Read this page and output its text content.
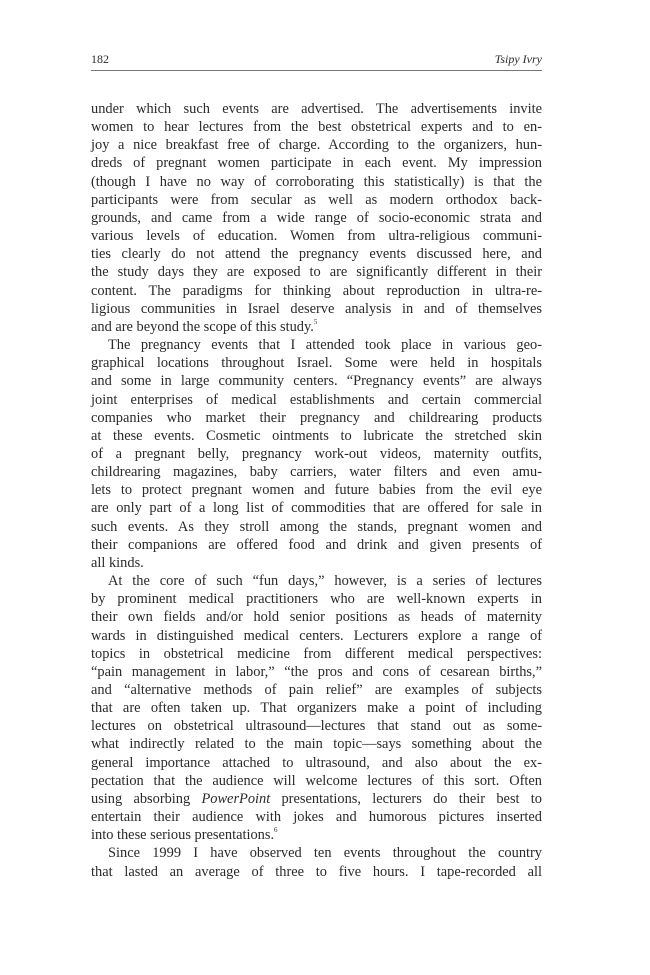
182	Tsipy Ivry

under which such events are advertised. The advertisements invite
women to hear lectures from the best obstetrical experts and to en-
joy a nice breakfast free of charge. According to the organizers, hun-
dreds of pregnant women participate in each event. My impression
(though I have no way of corroborating this statistically) is that the
participants were from secular as well as modern orthodox back-
grounds, and came from a wide range of socio-economic strata and
various levels of education. Women from ultra-religious communi-
ties clearly do not attend the pregnancy events discussed here, and
the study days they are exposed to are significantly different in their
content. The paradigms for thinking about reproduction in ultra-re-
ligious communities in Israel deserve analysis in and of themselves
and are beyond the scope of this study.$^5$

The pregnancy events that I attended took place in various geo-
graphical locations throughout Israel. Some were held in hospitals
and some in large community centers. “Pregnancy events” are always
joint enterprises of medical establishments and certain commercial
companies who market their pregnancy and childrearing products
at these events. Cosmetic ointments to lubricate the stretched skin
of a pregnant belly, pregnancy work-out videos, maternity outfits,
childrearing magazines, baby carriers, water filters and even amu-
lets to protect pregnant women and future babies from the evil eye
are only part of a long list of commodities that are offered for sale in
such events. As they stroll among the stands, pregnant women and
their companions are offered food and drink and given presents of
all kinds.

At the core of such “fun days,” however, is a series of lectures
by prominent medical practitioners who are well-known experts in
their own fields and/or hold senior positions as heads of maternity
wards in distinguished medical centers. Lecturers explore a range of
topics in obstetrical medicine from different medical perspectives:
“pain management in labor,” “the pros and cons of cesarean births,”
and “alternative methods of pain relief” are examples of subjects
that are often taken up. That organizers make a point of including
lectures on obstetrical ultrasound—lectures that stand out as some-
what indirectly related to the main topic—says something about the
general importance attached to ultrasound, and also about the ex-
pectation that the audience will welcome lectures of this sort. Often
using absorbing PowerPoint presentations, lecturers do their best to
entertain their audience with jokes and humorous pictures inserted
into these serious presentations.$^6$

Since 1999 I have observed ten events throughout the country
that lasted an average of three to five hours. I tape-recorded all
